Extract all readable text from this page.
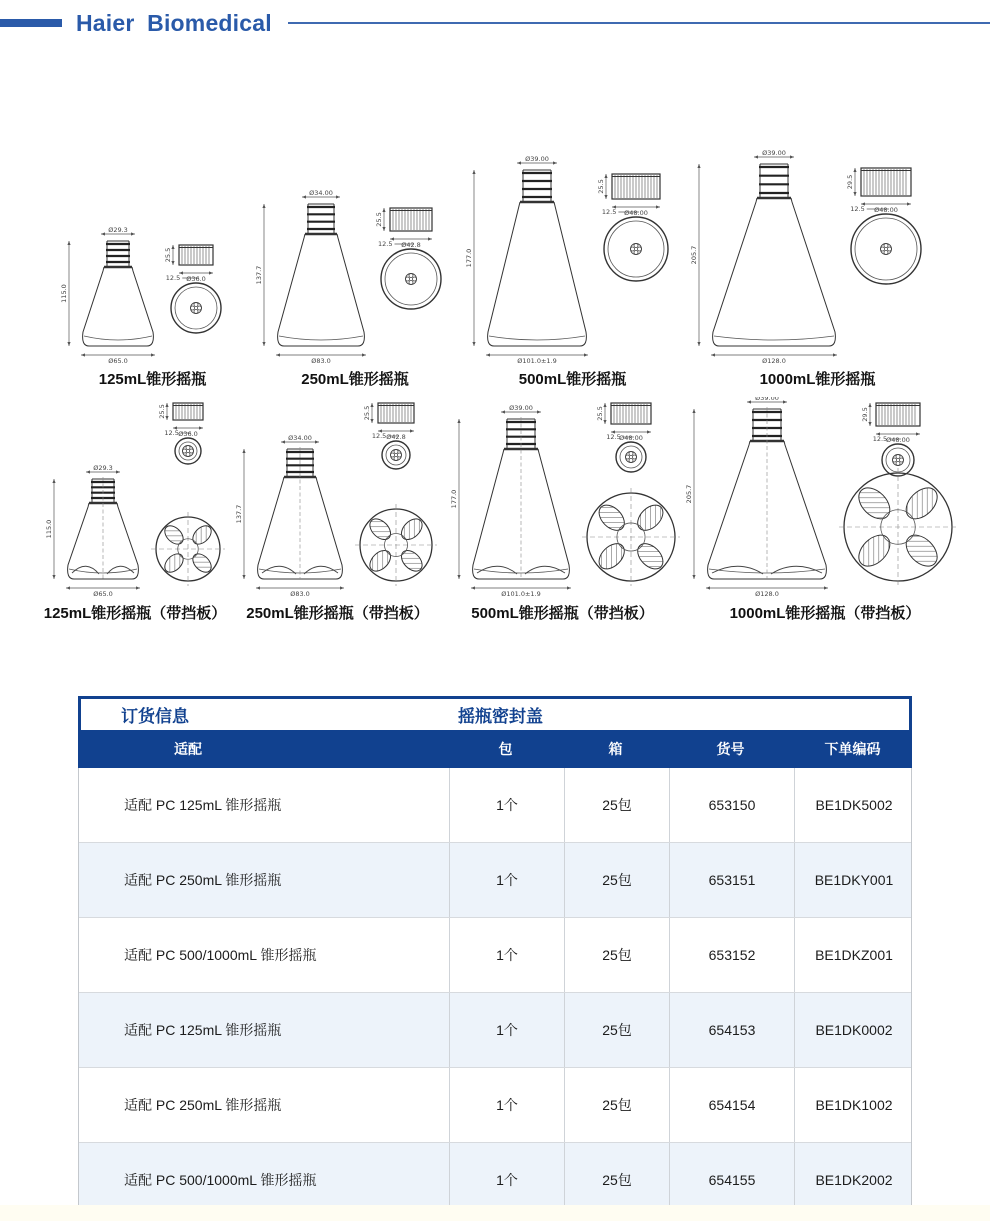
Haier Biomedical
Ø29.3
115.0
Ø65.0
Ø36.0
25.5
12.5
125mL锥形摇瓶
Ø34.00
137.7
Ø83.0
Ø42.8
25.5
12.5
250mL锥形摇瓶
Ø39.00
177.0
Ø101.0±1.9
Ø48.00
25.5
12.5
500mL锥形摇瓶
Ø39.00
205.7
Ø128.0
Ø48.00
29.5
12.5
1000mL锥形摇瓶
Ø29.3
115.0
Ø65.0
Ø36.0
25.5
12.5
125mL锥形摇瓶（带挡板）
Ø34.00
137.7
Ø83.0
Ø42.8
25.5
12.5
250mL锥形摇瓶（带挡板）
Ø39.00
177.0
Ø101.0±1.9
Ø48.00
25.5
12.5
500mL锥形摇瓶（带挡板）
Ø39.00
205.7
Ø128.0
Ø48.00
29.5
12.5
1000mL锥形摇瓶（带挡板）
订货信息	摇瓶密封盖
适配	包	箱	货号	下单编码
适配 PC 125mL 锥形摇瓶	1个	25包	653150	BE1DK5002
适配 PC 250mL 锥形摇瓶	1个	25包	653151	BE1DKY001
适配 PC 500/1000mL 锥形摇瓶	1个	25包	653152	BE1DKZ001
适配 PC 125mL 锥形摇瓶	1个	25包	654153	BE1DK0002
适配 PC 250mL 锥形摇瓶	1个	25包	654154	BE1DK1002
适配 PC 500/1000mL 锥形摇瓶	1个	25包	654155	BE1DK2002
